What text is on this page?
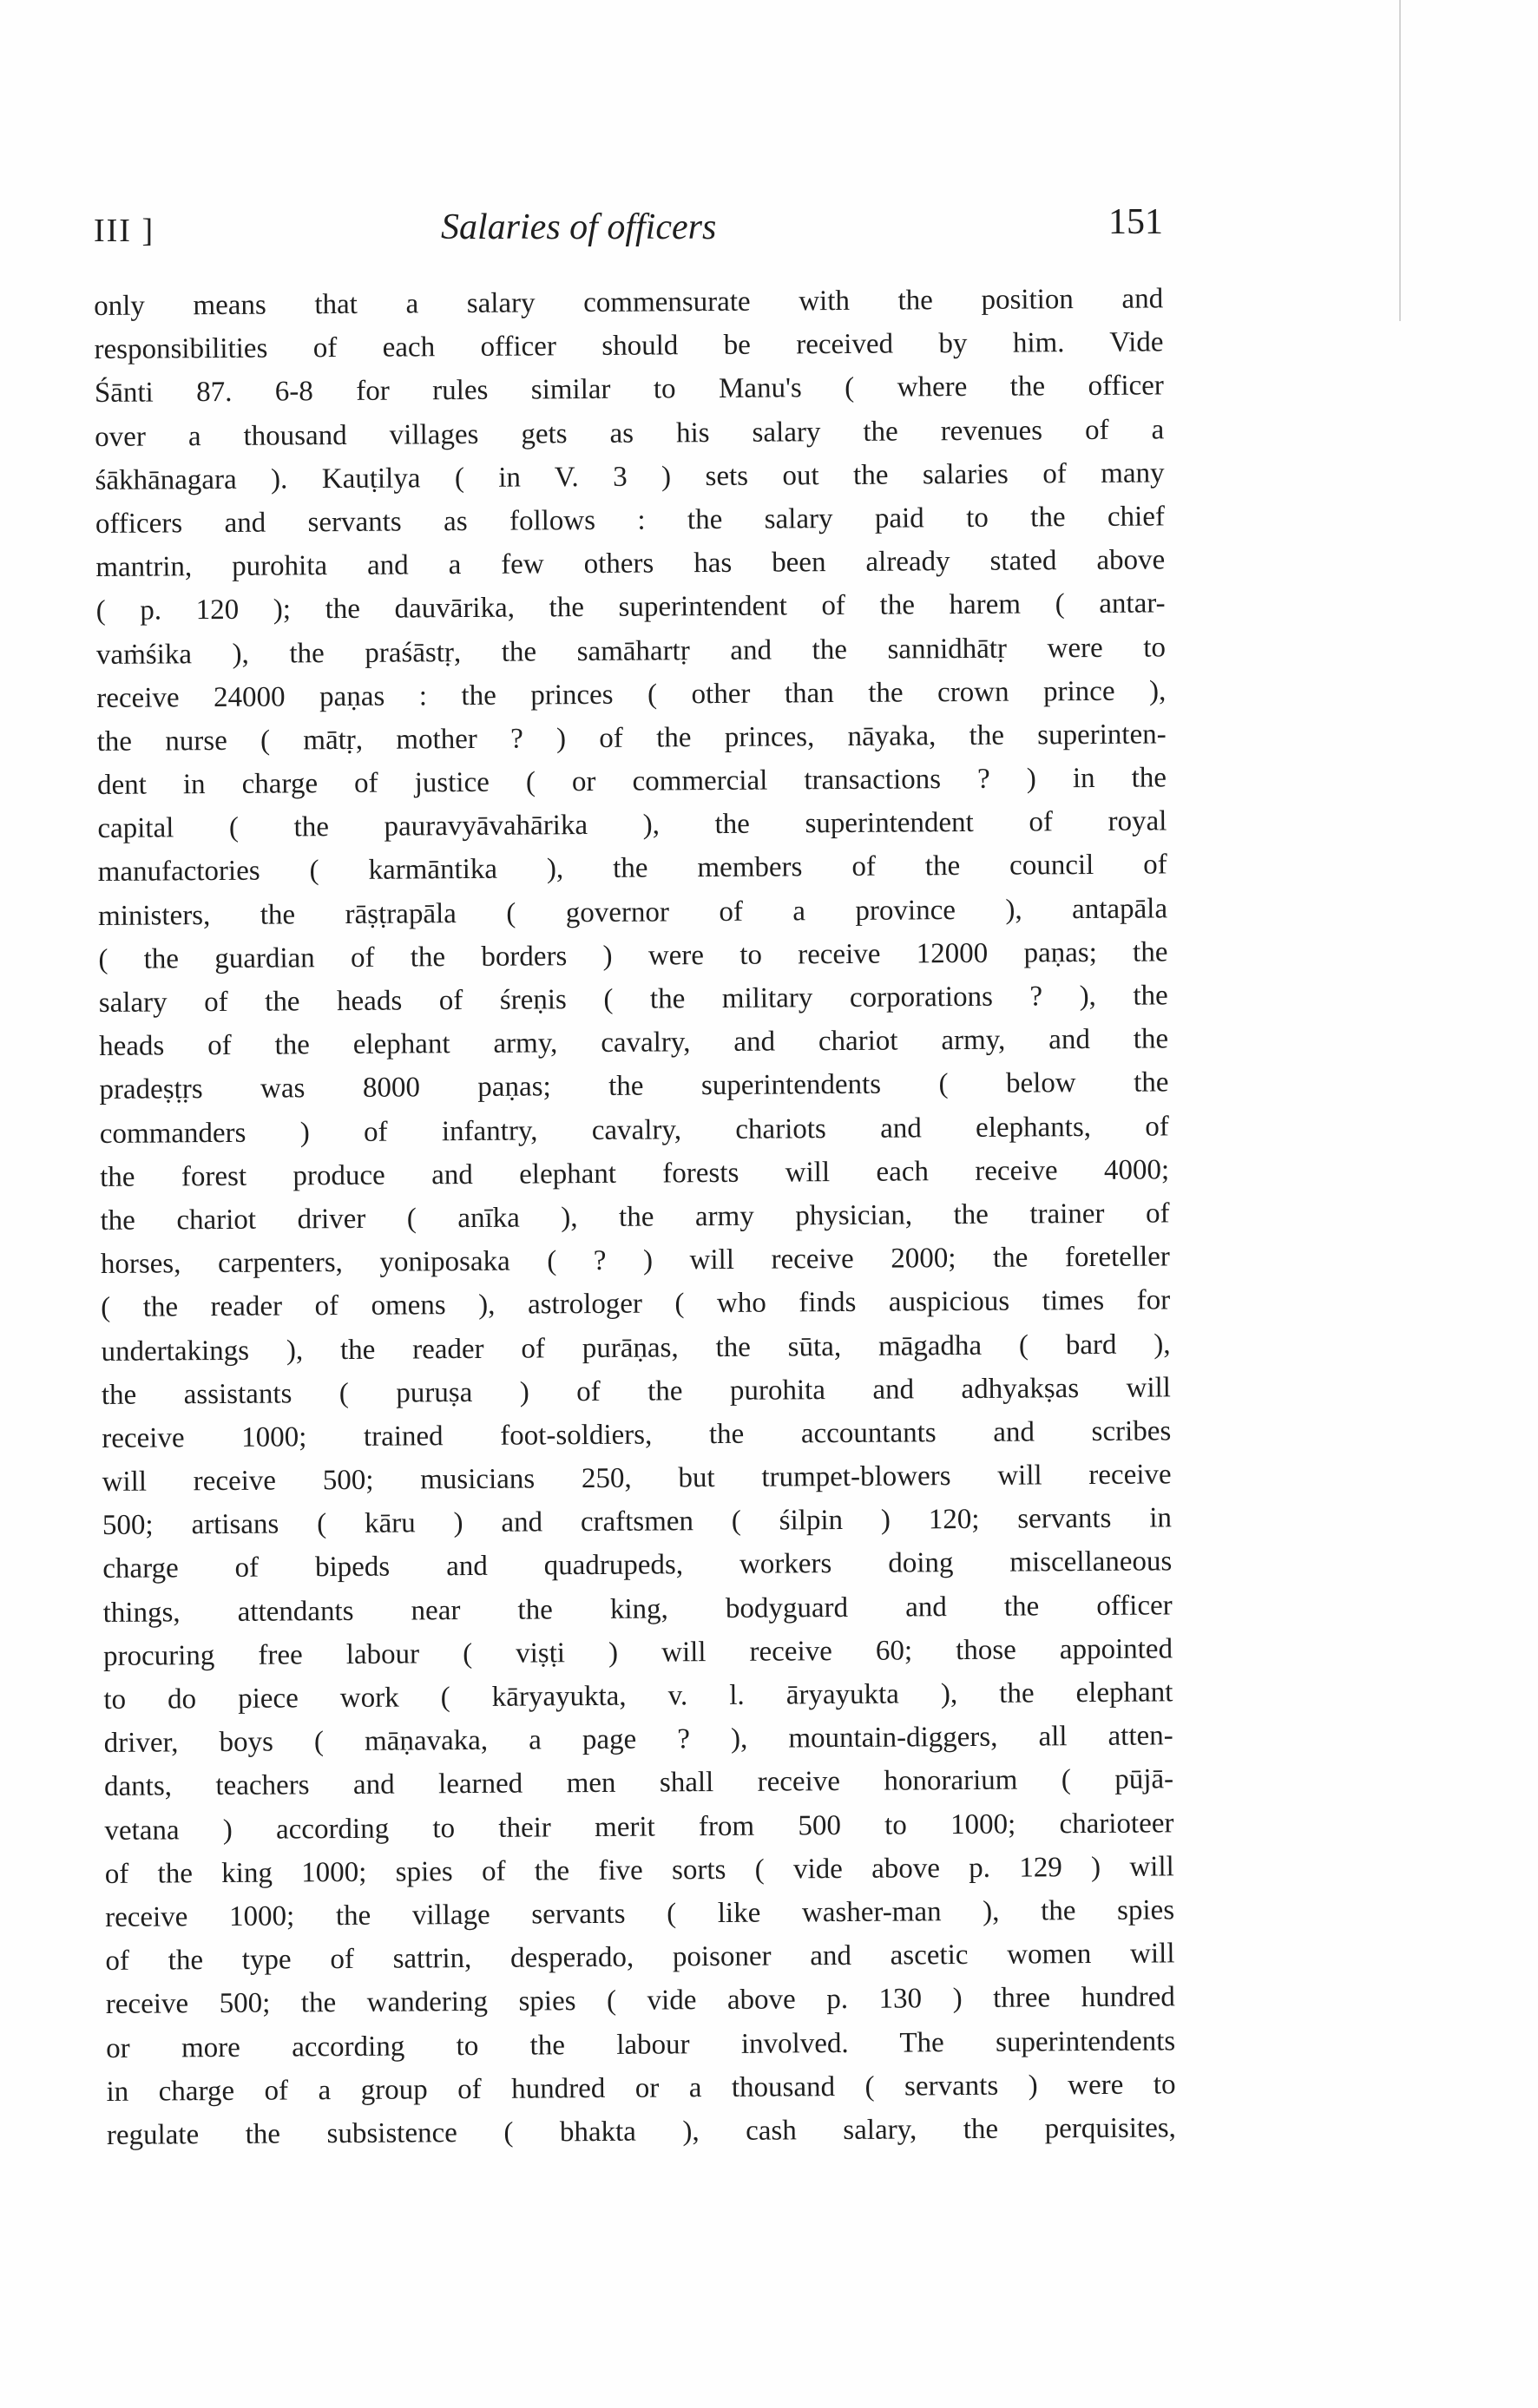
III ]	Salaries of officers	151
only means that a salary commensurate with the position and
responsibilities of each officer should be received by him. Vide
Śānti 87. 6-8 for rules similar to Manu's ( where the officer
over a thousand villages gets as his salary the revenues of a
śākhānagara ). Kauṭilya ( in V. 3 ) sets out the salaries of many
officers and servants as follows : the salary paid to the chief
mantrin, purohita and a few others has been already stated above
( p. 120 ); the dauvārika, the superintendent of the harem ( antar-
vaṁśika ), the praśāstṛ, the samāhartṛ and the sannidhātṛ were to
receive 24000 paṇas : the princes ( other than the crown prince ),
the nurse ( mātṛ, mother ? ) of the princes, nāyaka, the superinten-
dent in charge of justice ( or commercial transactions ? ) in the
capital ( the pauravyāvahārika ), the superintendent of royal
manufactories ( karmāntika ), the members of the council of
ministers, the rāṣṭrapāla ( governor of a province ), antapāla
( the guardian of the borders ) were to receive 12000 paṇas; the
salary of the heads of śreṇis ( the military corporations ? ), the
heads of the elephant army, cavalry, and chariot army, and the
pradeṣṭṛs was 8000 paṇas; the superintendents ( below the
commanders ) of infantry, cavalry, chariots and elephants, of
the forest produce and elephant forests will each receive 4000;
the chariot driver ( anīka ), the army physician, the trainer of
horses, carpenters, yoniposaka ( ? ) will receive 2000; the foreteller
( the reader of omens ), astrologer ( who finds auspicious times for
undertakings ), the reader of purāṇas, the sūta, māgadha ( bard ),
the assistants ( puruṣa ) of the purohita and adhyakṣas will
receive 1000; trained foot-soldiers, the accountants and scribes
will receive 500; musicians 250, but trumpet-blowers will receive
500; artisans ( kāru ) and craftsmen ( śilpin ) 120; servants in
charge of bipeds and quadrupeds, workers doing miscellaneous
things, attendants near the king, bodyguard and the officer
procuring free labour ( viṣṭi ) will receive 60; those appointed
to do piece work ( kāryayukta, v. l. āryayukta ), the elephant
driver, boys ( māṇavaka, a page ? ), mountain-diggers, all atten-
dants, teachers and learned men shall receive honorarium ( pūjā-
vetana ) according to their merit from 500 to 1000; charioteer
of the king 1000; spies of the five sorts ( vide above p. 129 ) will
receive 1000; the village servants ( like washer-man ), the spies
of the type of sattrin, desperado, poisoner and ascetic women will
receive 500; the wandering spies ( vide above p. 130 ) three hundred
or more according to the labour involved. The superintendents
in charge of a group of hundred or a thousand ( servants ) were to
regulate the subsistence ( bhakta ), cash salary, the perquisites,
